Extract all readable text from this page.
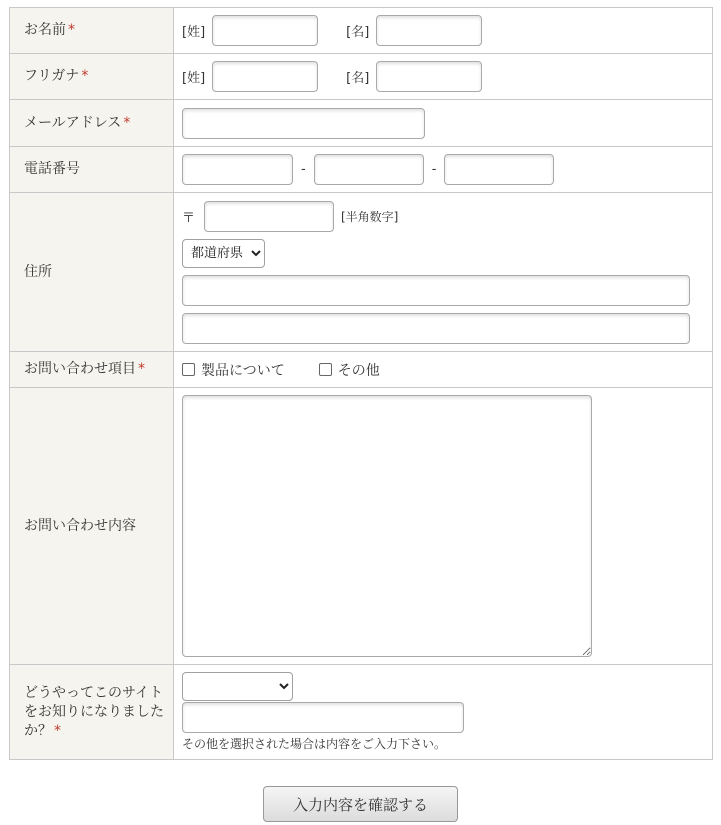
お名前 *	[姓] [名]

フリガナ *	[姓] [名]

メールアドレス *	
電話番号	- -

住所	〒 [半角数字]
都道府県

お問い合わせ項目 *	製品について その他

お問い合わせ内容	

どうやってこのサイトをお知りになりましたか？ *	その他を選択された場合は内容をご入力下さい。
入力内容を確認する
